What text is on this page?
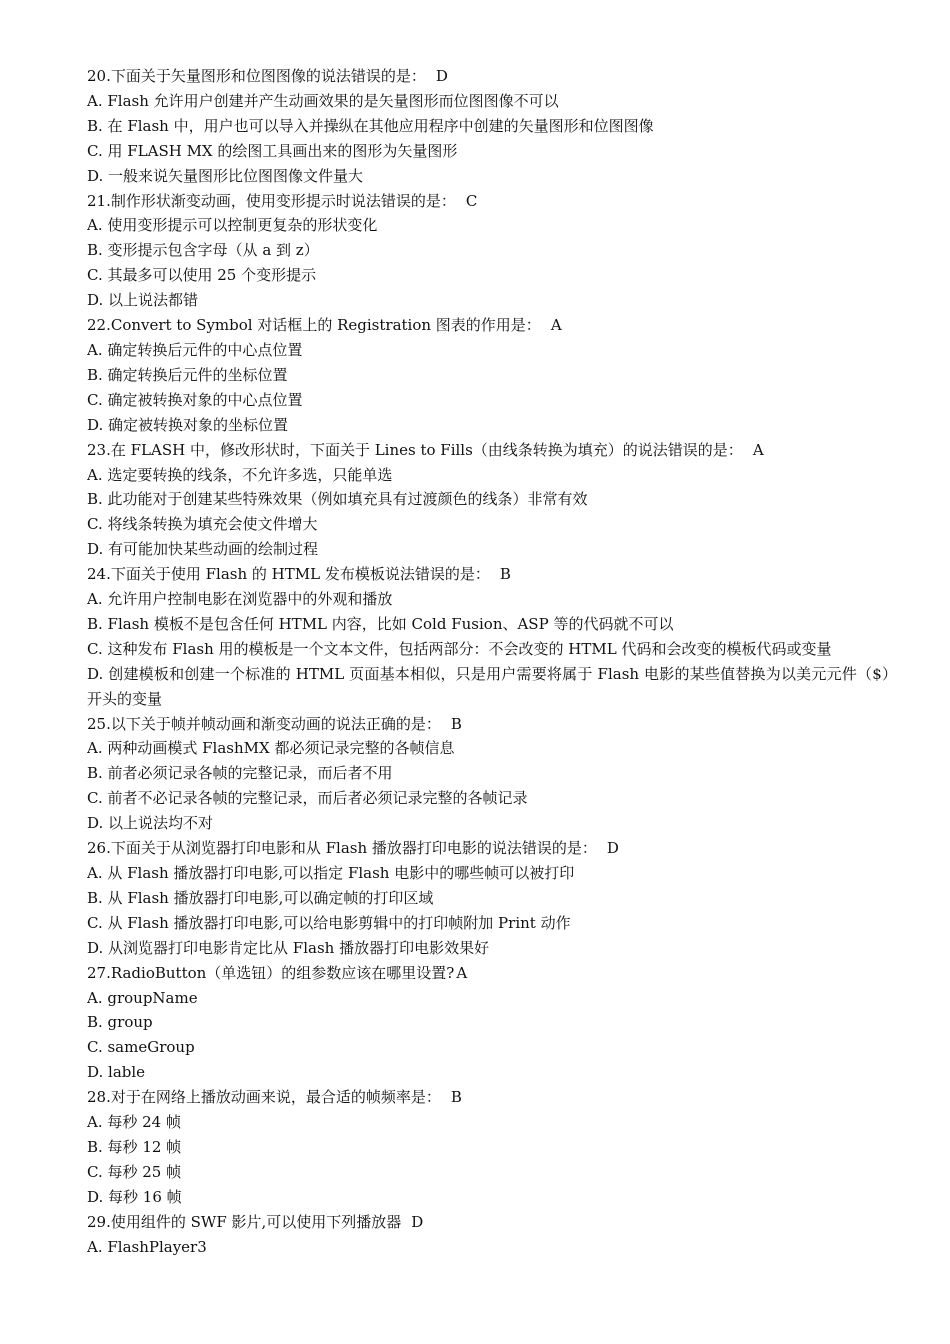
20.下面关于矢量图形和位图图像的说法错误的是： D

A. Flash 允许用户创建并产生动画效果的是矢量图形而位图图像不可以

B. 在 Flash 中，用户也可以导入并操纵在其他应用程序中创建的矢量图形和位图图像

C. 用 FLASH MX 的绘图工具画出来的图形为矢量图形

D. 一般来说矢量图形比位图图像文件量大

21.制作形状渐变动画，使用变形提示时说法错误的是： C

A. 使用变形提示可以控制更复杂的形状变化

B. 变形提示包含字母（从 a 到 z）

C. 其最多可以使用 25 个变形提示

D. 以上说法都错

22.Convert to Symbol 对话框上的 Registration 图表的作用是： A

A. 确定转换后元件的中心点位置

B. 确定转换后元件的坐标位置

C. 确定被转换对象的中心点位置

D. 确定被转换对象的坐标位置

23.在 FLASH 中，修改形状时，下面关于 Lines to Fills（由线条转换为填充）的说法错误的是： A

A. 选定要转换的线条，不允许多选，只能单选

B. 此功能对于创建某些特殊效果（例如填充具有过渡颜色的线条）非常有效

C. 将线条转换为填充会使文件增大

D. 有可能加快某些动画的绘制过程

24.下面关于使用 Flash 的 HTML 发布模板说法错误的是： B

A. 允许用户控制电影在浏览器中的外观和播放

B. Flash 模板不是包含任何 HTML 内容，比如 Cold Fusion、ASP 等的代码就不可以

C. 这种发布 Flash 用的模板是一个文本文件，包括两部分：不会改变的 HTML 代码和会改变的模板代码或变量

D. 创建模板和创建一个标准的 HTML 页面基本相似，只是用户需要将属于 Flash 电影的某些值替换为以美元元件（$）开头的变量

25.以下关于帧并帧动画和渐变动画的说法正确的是： B

A. 两种动画模式 FlashMX 都必须记录完整的各帧信息

B. 前者必须记录各帧的完整记录，而后者不用

C. 前者不必记录各帧的完整记录，而后者必须记录完整的各帧记录

D. 以上说法均不对

26.下面关于从浏览器打印电影和从 Flash 播放器打印电影的说法错误的是： D

A. 从 Flash 播放器打印电影,可以指定 Flash 电影中的哪些帧可以被打印

B. 从 Flash 播放器打印电影,可以确定帧的打印区域

C. 从 Flash 播放器打印电影,可以给电影剪辑中的打印帧附加 Print 动作

D. 从浏览器打印电影肯定比从 Flash 播放器打印电影效果好

27.RadioButton（单选钮）的组参数应该在哪里设置? A

A. groupName

B. group

C. sameGroup

D. lable

28.对于在网络上播放动画来说，最合适的帧频率是： B

A. 每秒 24 帧

B. 每秒 12 帧

C. 每秒 25 帧

D. 每秒 16 帧

29.使用组件的 SWF 影片,可以使用下列播放器 D

A. FlashPlayer3
